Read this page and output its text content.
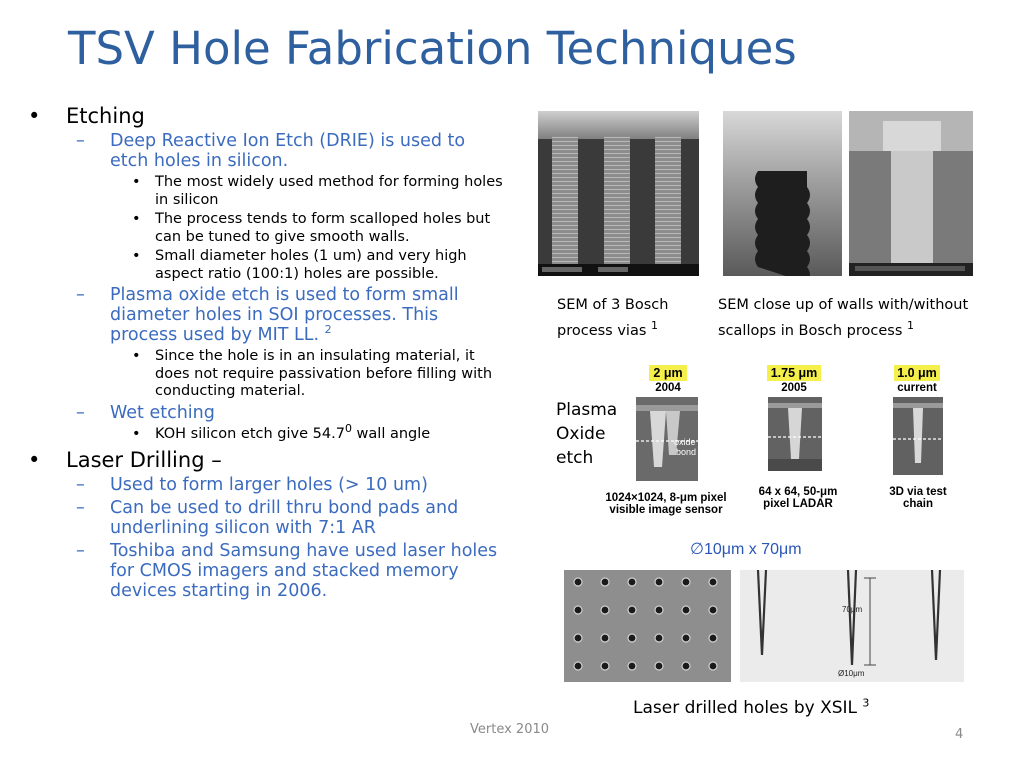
TSV Hole Fabrication Techniques
• Etching
– Deep Reactive Ion Etch (DRIE) is used to etch holes in silicon.
• The most widely used method for forming holes in silicon
• The process tends to form scalloped holes but can be tuned to give smooth walls.
• Small diameter holes (1 um) and very high aspect ratio (100:1) holes are possible.
– Plasma oxide etch is used to form small diameter holes in SOI processes. This process used by MIT LL. $^2$
• Since the hole is in an insulating material, it does not require passivation before filling with conducting material.
– Wet etching
• KOH silicon etch give 54.7$^0$ wall angle
• Laser Drilling –
– Used to form larger holes (> 10 um)
– Can be used to drill thru bond pads and underlining silicon with 7:1 AR
– Toshiba and Samsung have used laser holes for CMOS imagers and stacked memory devices starting in 2006.
SEM of 3 Bosch
process vias $^1$
SEM close up of walls with/without
scallops in Bosch process $^1$
Plasma
Oxide
etch
2 μm
2004
oxide
bond
1.75 μm
2005
1.0 μm
current
1024×1024, 8-μm pixel
visible image sensor
64 x 64, 50-μm
pixel LADAR
3D via test
chain
∅10μm x 70μm
70μm
Ø10μm
Laser drilled holes by XSIL $^3$
Vertex 2010	4
